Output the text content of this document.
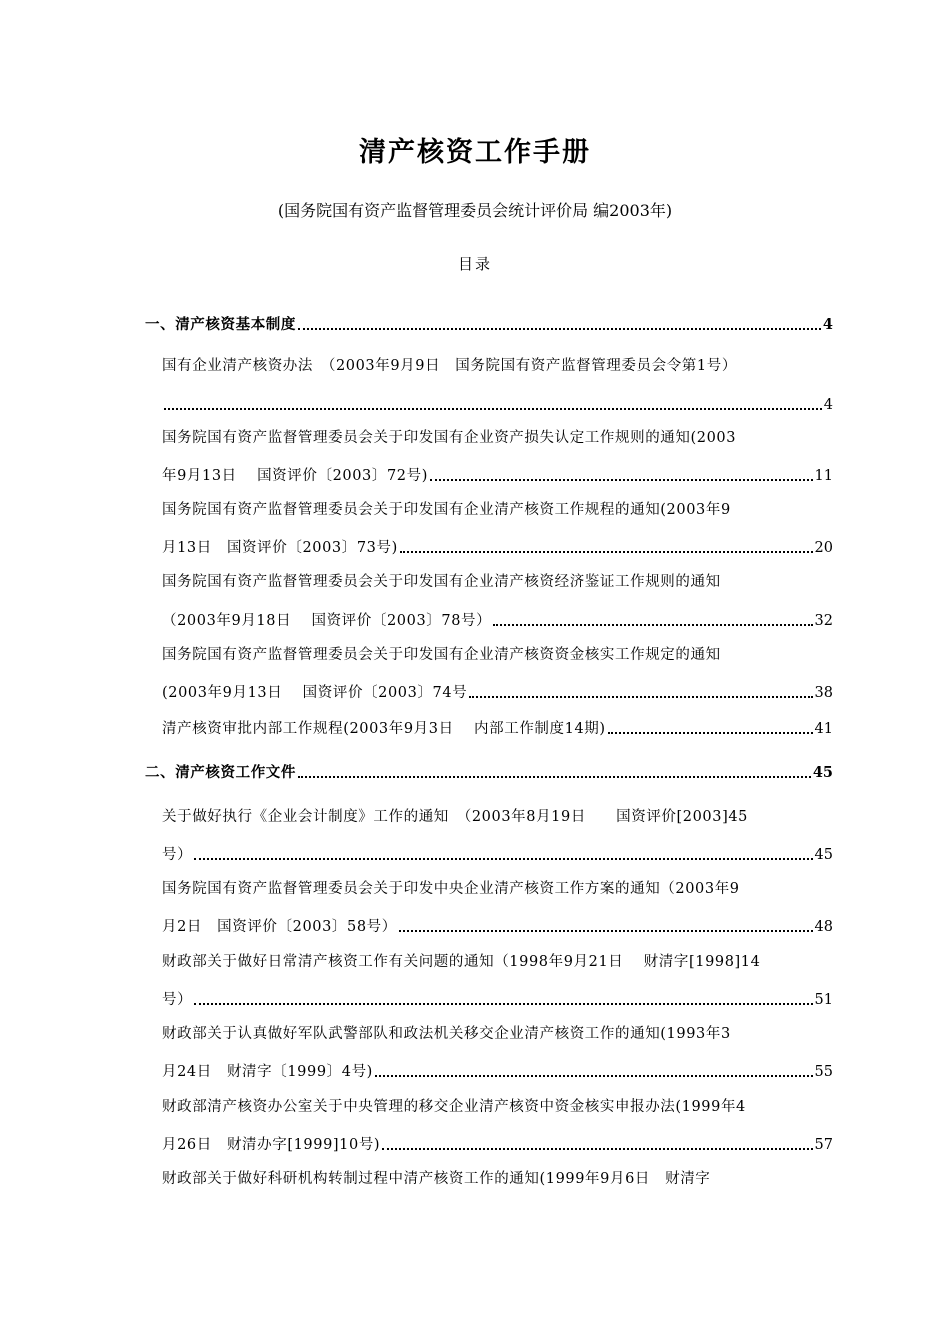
清产核资工作手册
(国务院国有资产监督管理委员会统计评价局 编2003年)
目录
一、清产核资基本制度	4
国有企业清产核资办法　（2003年9月9日　国务院国有资产监督管理委员会令第1号）
4
国务院国有资产监督管理委员会关于印发国有企业资产损失认定工作规则的通知(2003
年9月13日　 国资评价〔2003〕72号)	11
国务院国有资产监督管理委员会关于印发国有企业清产核资工作规程的通知(2003年9
月13日　国资评价〔2003〕73号)	20
国务院国有资产监督管理委员会关于印发国有企业清产核资经济鉴证工作规则的通知
（2003年9月18日　 国资评价〔2003〕78号）	32
国务院国有资产监督管理委员会关于印发国有企业清产核资资金核实工作规定的通知
(2003年9月13日　 国资评价〔2003〕74号	38
清产核资审批内部工作规程(2003年9月3日　 内部工作制度14期)	41
二、清产核资工作文件	45
关于做好执行《企业会计制度》工作的通知　（2003年8月19日　　国资评价[2003]45
号）	45
国务院国有资产监督管理委员会关于印发中央企业清产核资工作方案的通知（2003年9
月2日　国资评价〔2003〕58号）	48
财政部关于做好日常清产核资工作有关问题的通知（1998年9月21日　 财清字[1998]14
号）	51
财政部关于认真做好军队武警部队和政法机关移交企业清产核资工作的通知(1993年3
月24日　财清字〔1999〕4号)	55
财政部清产核资办公室关于中央管理的移交企业清产核资中资金核实申报办法(1999年4
月26日　财清办字[1999]10号)	57
财政部关于做好科研机构转制过程中清产核资工作的通知(1999年9月6日　财清字
